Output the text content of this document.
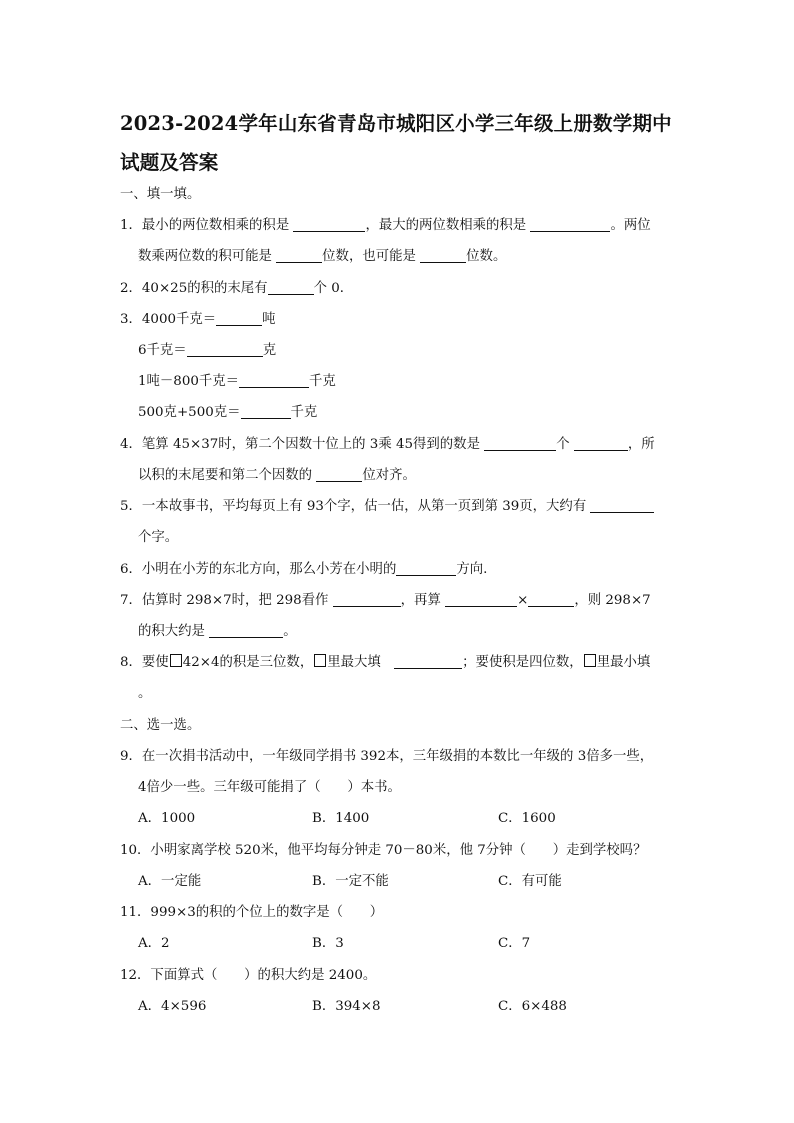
2023-2024学年山东省青岛市城阳区小学三年级上册数学期中试题及答案
一、填一填。
1．最小的两位数相乘的积是	，最大的两位数相乘的积是	。两位
数乘两位数的积可能是	位数，也可能是	位数。
2．40×25的积的末尾有	个 0．
3．4000千克＝	吨
6千克＝	克
1吨－800千克＝	千克
500克+500克＝	千克
4．笔算 45×37时，第二个因数十位上的 3乘 45得到的数是	个	，所
以积的末尾要和第二个因数的	位对齐。
5．一本故事书，平均每页上有 93个字，估一估，从第一页到第 39页，大约有
个字。
6．小明在小芳的东北方向，那么小芳在小明的	方向.
7．估算时 298×7时，把 298看作	，再算	×	，则 298×7
的积大约是	。
8．要使 42×4的积是三位数， 里最大填　	；要使积是四位数， 里最小填
。
二、选一选。
9．在一次捐书活动中，一年级同学捐书 392本，三年级捐的本数比一年级的 3倍多一些，
4倍少一些。三年级可能捐了（　　）本书。
A．1000	B．1400	C．1600
10．小明家离学校 520米，他平均每分钟走 70－80米，他 7分钟（　　）走到学校吗？
A．一定能	B．一定不能	C．有可能
11．999×3的积的个位上的数字是（　　）
A．2	B．3	C．7
12．下面算式（　　）的积大约是 2400。
A．4×596	B．394×8	C．6×488
